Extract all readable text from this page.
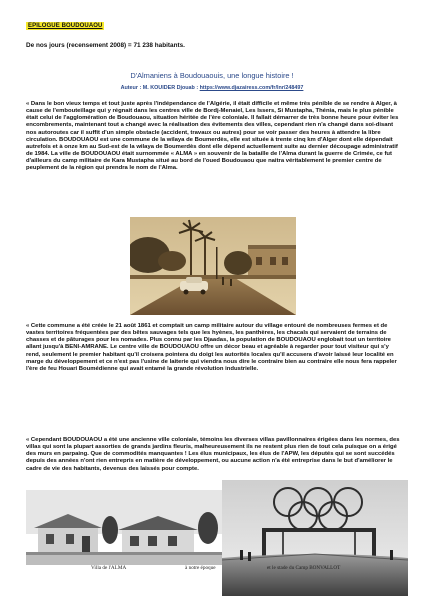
EPILOGUE BOUDOUAOU
De nos jours (recensement 2008) = 71 238 habitants.
D'Almaniens à Boudouaouis, une longue histoire !
Auteur : M. KOUIDER Djouab : https://www.djazairess.com/fr/lnr/248497
« Dans le bon vieux temps et tout juste après l'indépendance de l'Algérie, il était difficile et même très pénible de se rendre à Alger, à cause de l'embouteillage qui y régnait dans les centres ville de Bordj-Menaiel, Les Issers, Si Mustapha, Thénia, mais le plus pénible était celui de l'agglomération de Boudouaou, situation héritée de l'ère coloniale. Il fallait démarrer de très bonne heure pour éviter les encombrements, maintenant tout a changé avec la réalisation des évitements des villes, cependant rien n'a changé dans soi-disant nos autoroutes car il suffit d'un simple obstacle (accident, travaux ou autres) pour se voir passer des heures à attendre la libre circulation. BOUDOUAOU est une commune de la wilaya de Boumerdès, elle est située à trente cinq km d'Alger dont elle dépendait autrefois et à onze km au Sud-est de la wilaya de Boumerdès dont elle dépend actuellement suite au dernier découpage administratif de 1984. La ville de BOUDOUAOU était surnommée « ALMA » en souvenir de la bataille de l'Alma durant la guerre de Crimée, ce fut d'ailleurs du camp militaire de Kara Mustapha situé au bord de l'oued Boudouaou que naitra véritablement le premier centre de peuplement de la région qui prendra le nom de l'Alma.
« Cette commune a été créée le 21 août 1861 et comptait un camp militaire autour du village entouré de nombreuses fermes et de vastes territoires fréquentées par des bêtes sauvages tels que les hyènes, les panthères, les chacals qui servaient de terrains de chasses et de pâturages pour les nomades. Plus connu par les Djaadas, la population de BOUDOUAOU englobait tout un territoire allant jusqu'à BENI-AMRANE. Le centre ville de BOUDOUAOU offre un décor beau et agréable à regarder pour tout visiteur qui s'y rend, seulement le premier habitant qu'il croisera pointera du doigt les autorités locales qu'il accusera d'avoir laissé leur localité en marge du développement et ce n'est pas l'usine de laiterie qui viendra nous dire le contraire bien au contraire elle nous fera rappeler l'ère de feu Houari Boumédienne qui avait entamé la grande révolution industrielle.
« Cependant BOUDOUAOU a été une ancienne ville coloniale, témoins les diverses villas pavillonnaires érigées dans les normes, des villas qui sont la plupart assorties de grands jardins fleuris, malheureusement ils ne restent plus rien de tout cela puisque on a érigé des murs en parpaing. Que de commodités manquantes ! Les élus municipaux, les élus de l'APW, les députés qui se sont succédés depuis des années n'ont rien entrepris en matière de développement, ou aucune action n'a été entreprise dans le but d'améliorer le cadre de vie des habitants, devenus des laissés pour compte.
Villa de l'ALMA	à notre époque	et le stade du Camp BONVALLOT
